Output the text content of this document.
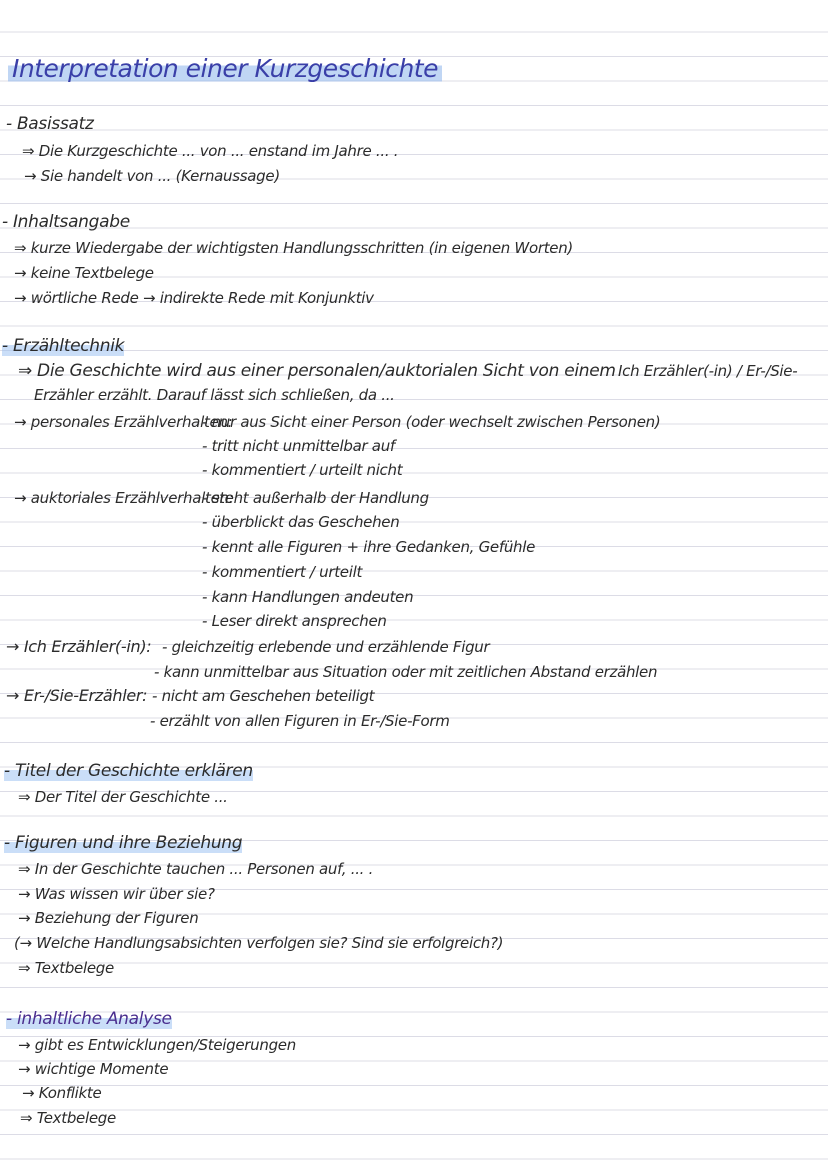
Interpretation einer Kurzgeschichte
- Basissatz
⇒ Die Kurzgeschichte ... von ... enstand im Jahre ... .
→ Sie handelt von ... (Kernaussage)
- Inhaltsangabe
⇒ kurze Wiedergabe der wichtigsten Handlungsschritten (in eigenen Worten)
→ keine Textbelege
→ wörtliche Rede → indirekte Rede mit Konjunktiv
- Erzähltechnik
⇒ Die Geschichte wird aus einer personalen/auktorialen Sicht von einem Ich Erzähler(-in) / Er-/Sie-
Erzähler erzählt. Darauf lässt sich schließen, da ...
→ personales Erzählverhalten:
- nur aus Sicht einer Person (oder wechselt zwischen Personen)
- tritt nicht unmittelbar auf
- kommentiert / urteilt nicht
→ auktoriales Erzählverhalten:
- steht außerhalb der Handlung
- überblickt das Geschehen
- kennt alle Figuren + ihre Gedanken, Gefühle
- kommentiert / urteilt
- kann Handlungen andeuten
- Leser direkt ansprechen
→ Ich Erzähler(-in): - gleichzeitig erlebende und erzählende Figur
- kann unmittelbar aus Situation oder mit zeitlichen Abstand erzählen
→ Er-/Sie-Erzähler: - nicht am Geschehen beteiligt
- erzählt von allen Figuren in Er-/Sie-Form
- Titel der Geschichte erklären
⇒ Der Titel der Geschichte ...
- Figuren und ihre Beziehung
⇒ In der Geschichte tauchen ... Personen auf, ... .
→ Was wissen wir über sie?
→ Beziehung der Figuren
(→ Welche Handlungsabsichten verfolgen sie? Sind sie erfolgreich?)
⇒ Textbelege
- inhaltliche Analyse
→ gibt es Entwicklungen/Steigerungen
→ wichtige Momente
→ Konflikte
⇒ Textbelege
